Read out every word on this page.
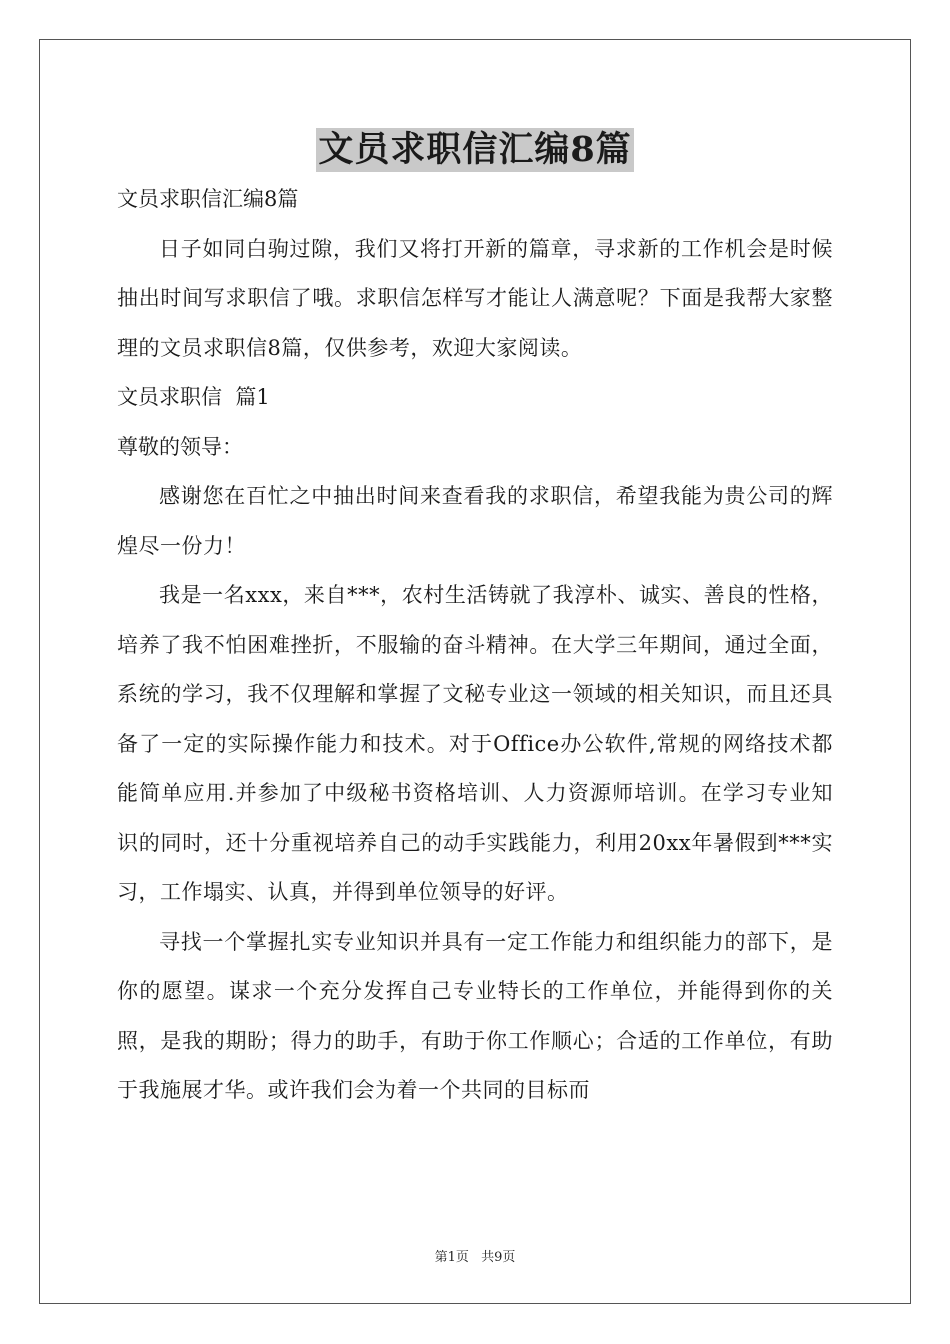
文员求职信汇编8篇

文员求职信汇编8篇

日子如同白驹过隙，我们又将打开新的篇章，寻求新的工作机会是时候抽出时间写求职信了哦。求职信怎样写才能让人满意呢？下面是我帮大家整理的文员求职信8篇，仅供参考，欢迎大家阅读。

文员求职信  篇1

尊敬的领导：

感谢您在百忙之中抽出时间来查看我的求职信，希望我能为贵公司的辉煌尽一份力！

我是一名xxx，来自***，农村生活铸就了我淳朴、诚实、善良的性格，培养了我不怕困难挫折，不服输的奋斗精神。在大学三年期间，通过全面，系统的学习，我不仅理解和掌握了文秘专业这一领域的相关知识，而且还具备了一定的实际操作能力和技术。对于Office办公软件,常规的网络技术都能简单应用.并参加了中级秘书资格培训、人力资源师培训。在学习专业知识的同时，还十分重视培养自己的动手实践能力，利用20xx年暑假到***实习，工作塌实、认真，并得到单位领导的好评。

寻找一个掌握扎实专业知识并具有一定工作能力和组织能力的部下，是你的愿望。谋求一个充分发挥自己专业特长的工作单位，并能得到你的关照，是我的期盼；得力的助手，有助于你工作顺心；合适的工作单位，有助于我施展才华。或许我们会为着一个共同的目标而

第1页 共9页
